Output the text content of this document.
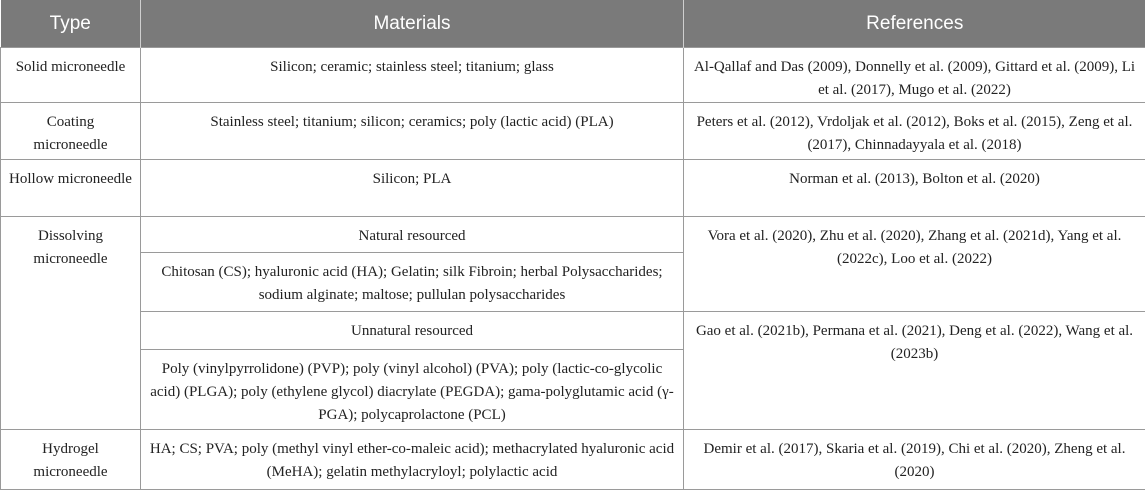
Type	Materials	References
Solid microneedle	Silicon; ceramic; stainless steel; titanium; glass	Al-Qallaf and Das (2009), Donnelly et al. (2009), Gittard et al. (2009), Li et al. (2017), Mugo et al. (2022)
Coating microneedle	Stainless steel; titanium; silicon; ceramics; poly (lactic acid) (PLA)	Peters et al. (2012), Vrdoljak et al. (2012), Boks et al. (2015), Zeng et al. (2017), Chinnadayyala et al. (2018)
Hollow microneedle	Silicon; PLA	Norman et al. (2013), Bolton et al. (2020)
Dissolving microneedle	Natural resourced	Vora et al. (2020), Zhu et al. (2020), Zhang et al. (2021d), Yang et al. (2022c), Loo et al. (2022)
	Chitosan (CS); hyaluronic acid (HA); Gelatin; silk Fibroin; herbal Polysaccharides; sodium alginate; maltose; pullulan polysaccharides	
	Unnatural resourced	Gao et al. (2021b), Permana et al. (2021), Deng et al. (2022), Wang et al. (2023b)
	Poly (vinylpyrrolidone) (PVP); poly (vinyl alcohol) (PVA); poly (lactic-co-glycolic acid) (PLGA); poly (ethylene glycol) diacrylate (PEGDA); gama-polyglutamic acid (γ-PGA); polycaprolactone (PCL)	
Hydrogel microneedle	HA; CS; PVA; poly (methyl vinyl ether-co-maleic acid); methacrylated hyaluronic acid (MeHA); gelatin methylacryloyl; polylactic acid	Demir et al. (2017), Skaria et al. (2019), Chi et al. (2020), Zheng et al. (2020)
